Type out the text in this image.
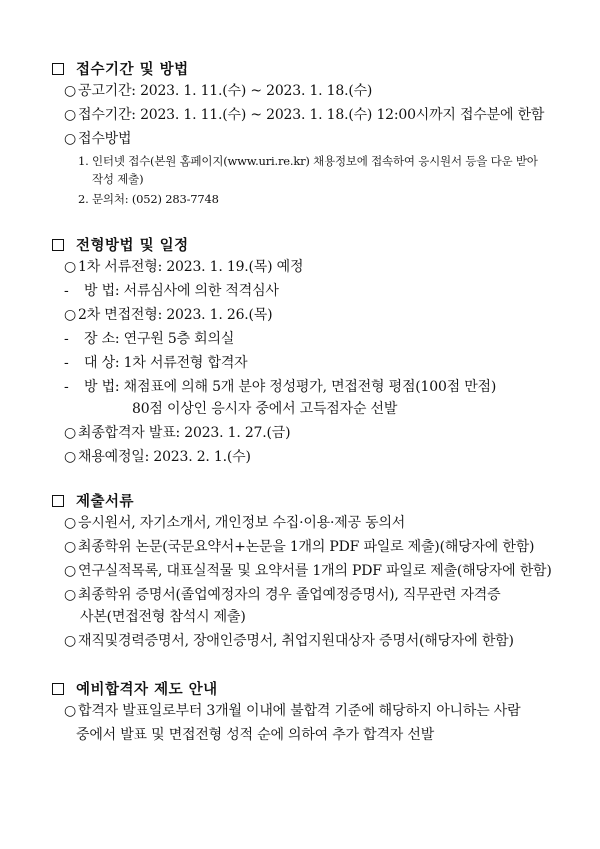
접수기간 및 방법
○ 공고기간: 2023. 1. 11.(수) ~ 2023. 1. 18.(수)
○ 접수기간: 2023. 1. 11.(수) ~ 2023. 1. 18.(수) 12:00시까지 접수분에 한함
○ 접수방법
1. 인터넷 접수(본원 홈페이지(www.uri.re.kr) 채용정보에 접속하여 응시원서 등을 다운 받아
작성 제출)
2. 문의처: (052) 283-7748
전형방법 및 일정
○ 1차 서류전형: 2023. 1. 19.(목) 예정
- 방 법: 서류심사에 의한 적격심사
○ 2차 면접전형: 2023. 1. 26.(목)
- 장 소: 연구원 5층 회의실
- 대 상: 1차 서류전형 합격자
- 방 법: 채점표에 의해 5개 분야 정성평가, 면접전형 평점(100점 만점)
80점 이상인 응시자 중에서 고득점자순 선발
○ 최종합격자 발표: 2023. 1. 27.(금)
○ 채용예정일: 2023. 2. 1.(수)
제출서류
○ 응시원서, 자기소개서, 개인정보 수집·이용·제공 동의서
○ 최종학위 논문(국문요약서+논문을 1개의 PDF 파일로 제출)(해당자에 한함)
○ 연구실적목록, 대표실적물 및 요약서를 1개의 PDF 파일로 제출(해당자에 한함)
○ 최종학위 증명서(졸업예정자의 경우 졸업예정증명서), 직무관련 자격증
사본(면접전형 참석시 제출)
○ 재직및경력증명서, 장애인증명서, 취업지원대상자 증명서(해당자에 한함)
예비합격자 제도 안내
○ 합격자 발표일로부터 3개월 이내에 불합격 기준에 해당하지 아니하는 사람
중에서 발표 및 면접전형 성적 순에 의하여 추가 합격자 선발
